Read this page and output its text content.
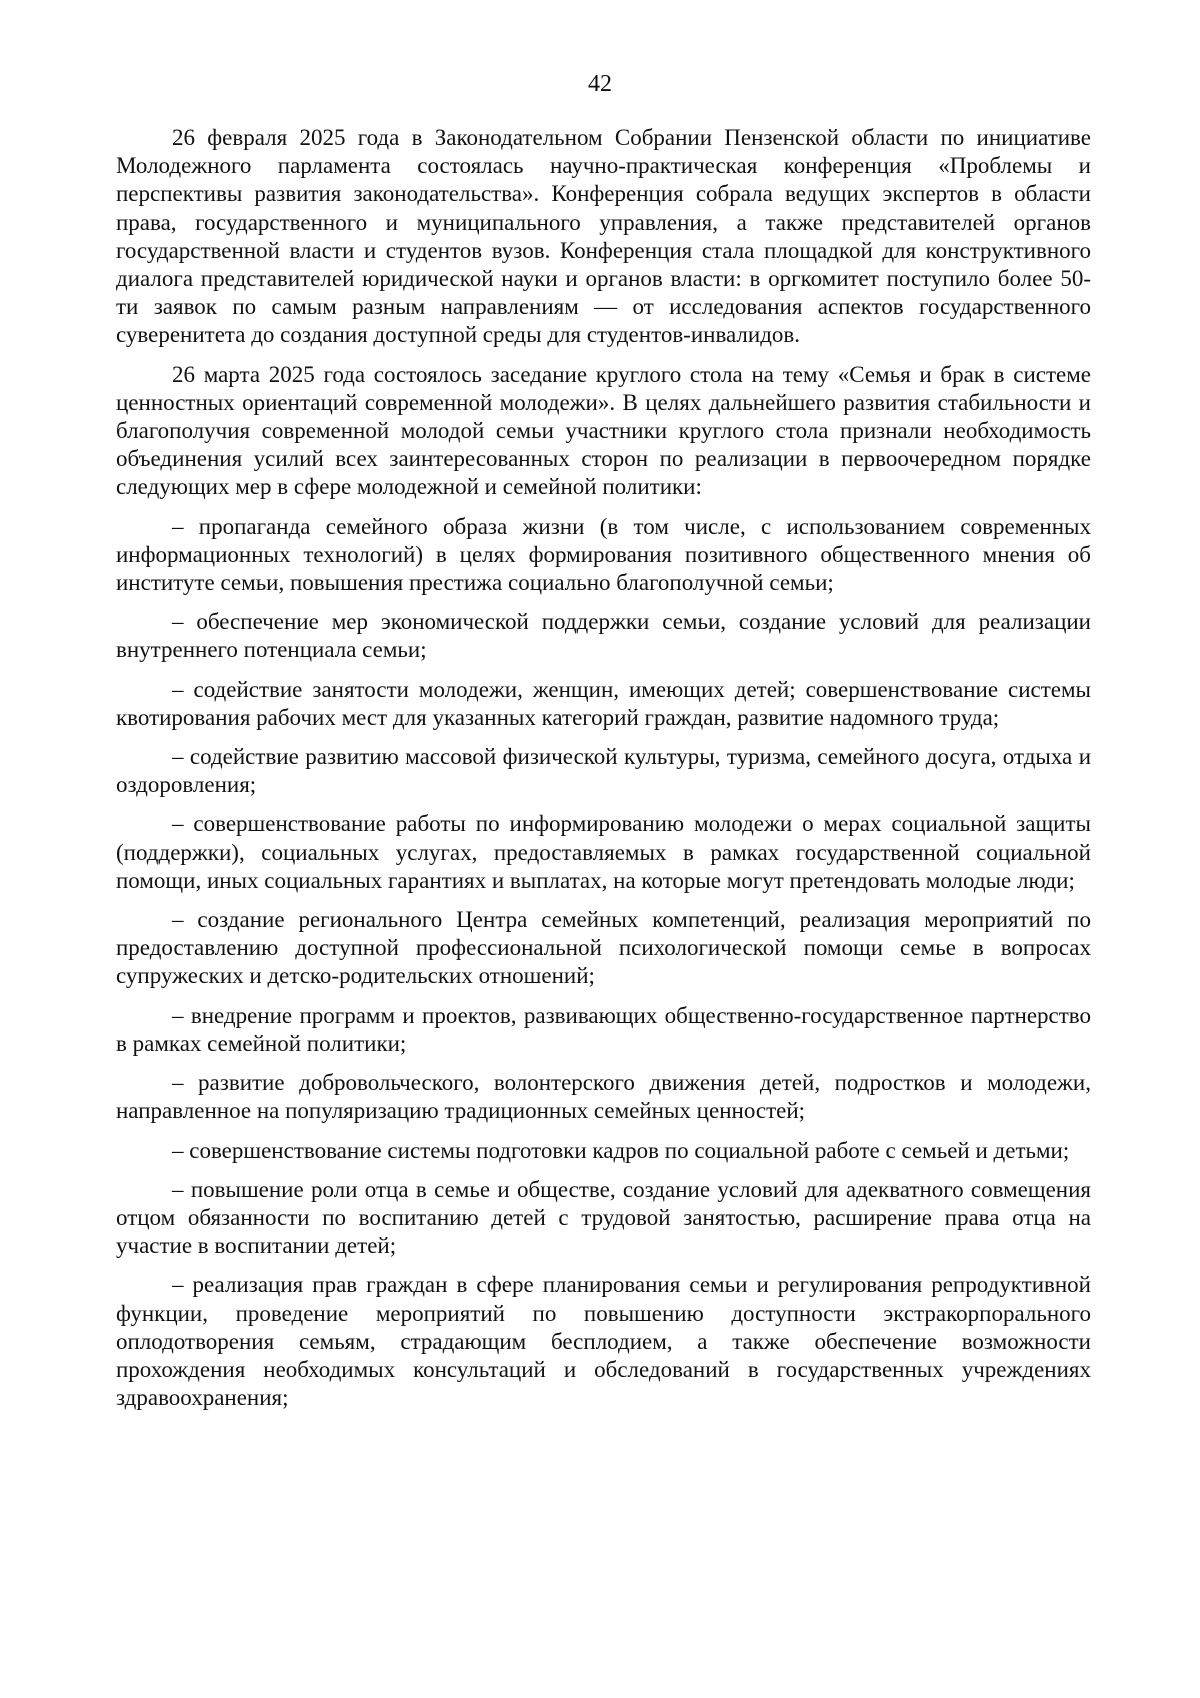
42

26 февраля 2025 года в Законодательном Собрании Пензенской области по инициативе Молодежного парламента состоялась научно-практическая конференция «Проблемы и перспективы развития законодательства». Конференция собрала ведущих экспертов в области права, государственного и муниципального управления, а также представителей органов государственной власти и студентов вузов. Конференция стала площадкой для конструктивного диалога представителей юридической науки и органов власти: в оргкомитет поступило более 50-ти заявок по самым разным направлениям — от исследования аспектов государственного суверенитета до создания доступной среды для студентов-инвалидов.

26 марта 2025 года состоялось заседание круглого стола на тему «Семья и брак в системе ценностных ориентаций современной молодежи». В целях дальнейшего развития стабильности и благополучия современной молодой семьи участники круглого стола признали необходимость объединения усилий всех заинтересованных сторон по реализации в первоочередном порядке следующих мер в сфере молодежной и семейной политики:

– пропаганда семейного образа жизни (в том числе, с использованием современных информационных технологий) в целях формирования позитивного общественного мнения об институте семьи, повышения престижа социально благополучной семьи;

– обеспечение мер экономической поддержки семьи, создание условий для реализации внутреннего потенциала семьи;

– содействие занятости молодежи, женщин, имеющих детей; совершенствование системы квотирования рабочих мест для указанных категорий граждан, развитие надомного труда;

– содействие развитию массовой физической культуры, туризма, семейного досуга, отдыха и оздоровления;

– совершенствование работы по информированию молодежи о мерах социальной защиты (поддержки), социальных услугах, предоставляемых в рамках государственной социальной помощи, иных социальных гарантиях и выплатах, на которые могут претендовать молодые люди;

– создание регионального Центра семейных компетенций, реализация мероприятий по предоставлению доступной профессиональной психологической помощи семье в вопросах супружеских и детско-родительских отношений;

– внедрение программ и проектов, развивающих общественно-государственное партнерство в рамках семейной политики;

– развитие добровольческого, волонтерского движения детей, подростков и молодежи, направленное на популяризацию традиционных семейных ценностей;

– совершенствование системы подготовки кадров по социальной работе с семьей и детьми;

– повышение роли отца в семье и обществе, создание условий для адекватного совмещения отцом обязанности по воспитанию детей с трудовой занятостью, расширение права отца на участие в воспитании детей;

– реализация прав граждан в сфере планирования семьи и регулирования репродуктивной функции, проведение мероприятий по повышению доступности экстракорпорального оплодотворения семьям, страдающим бесплодием, а также обеспечение возможности прохождения необходимых консультаций и обследований в государственных учреждениях здравоохранения;
